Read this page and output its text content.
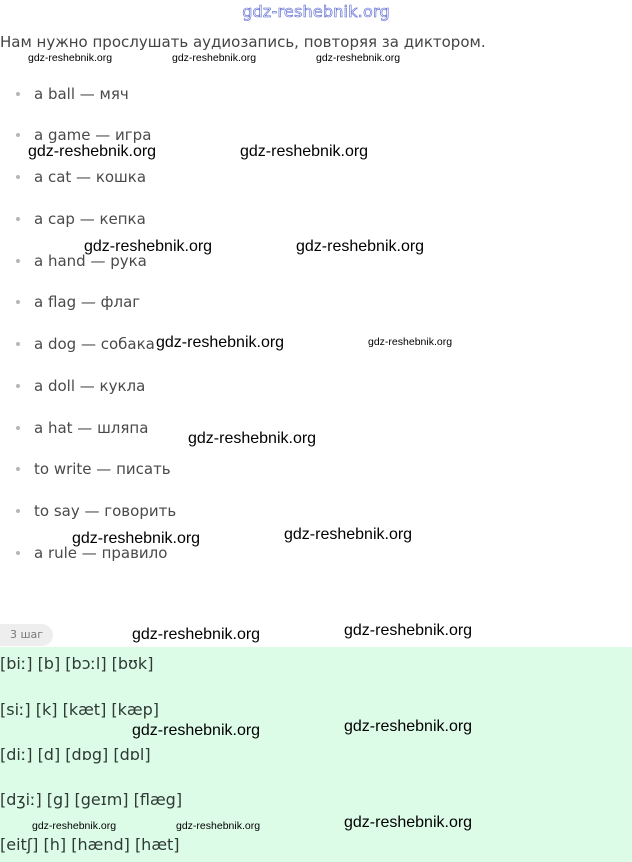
gdz-reshebnik.org
Нам нужно прослушать аудиозапись, повторяя за диктором.
a ball — мяч
a game — игра
a cat — кошка
a cap — кепка
a hand — рука
a flag — флаг
a dog — собака
a doll — кукла
a hat — шляпа
to write — писать
to say — говорить
a rule — правило
3 шаг
[biː] [b] [bɔːl] [bʊk]
[siː] [k] [kæt] [kæp]
[diː] [d] [dɒg] [dɒl]
[dʒiː] [g] [geɪm] [flæg]
[eitʃ] [h] [hænd] [hæt]
gdz-reshebnik.org	gdz-reshebnik.org	gdz-reshebnik.org
gdz-reshebnik.org	gdz-reshebnik.org
gdz-reshebnik.org	gdz-reshebnik.org
gdz-reshebnik.org	gdz-reshebnik.org
gdz-reshebnik.org
gdz-reshebnik.org	gdz-reshebnik.org
gdz-reshebnik.org	gdz-reshebnik.org
gdz-reshebnik.org	gdz-reshebnik.org
gdz-reshebnik.org	gdz-reshebnik.org	gdz-reshebnik.org
